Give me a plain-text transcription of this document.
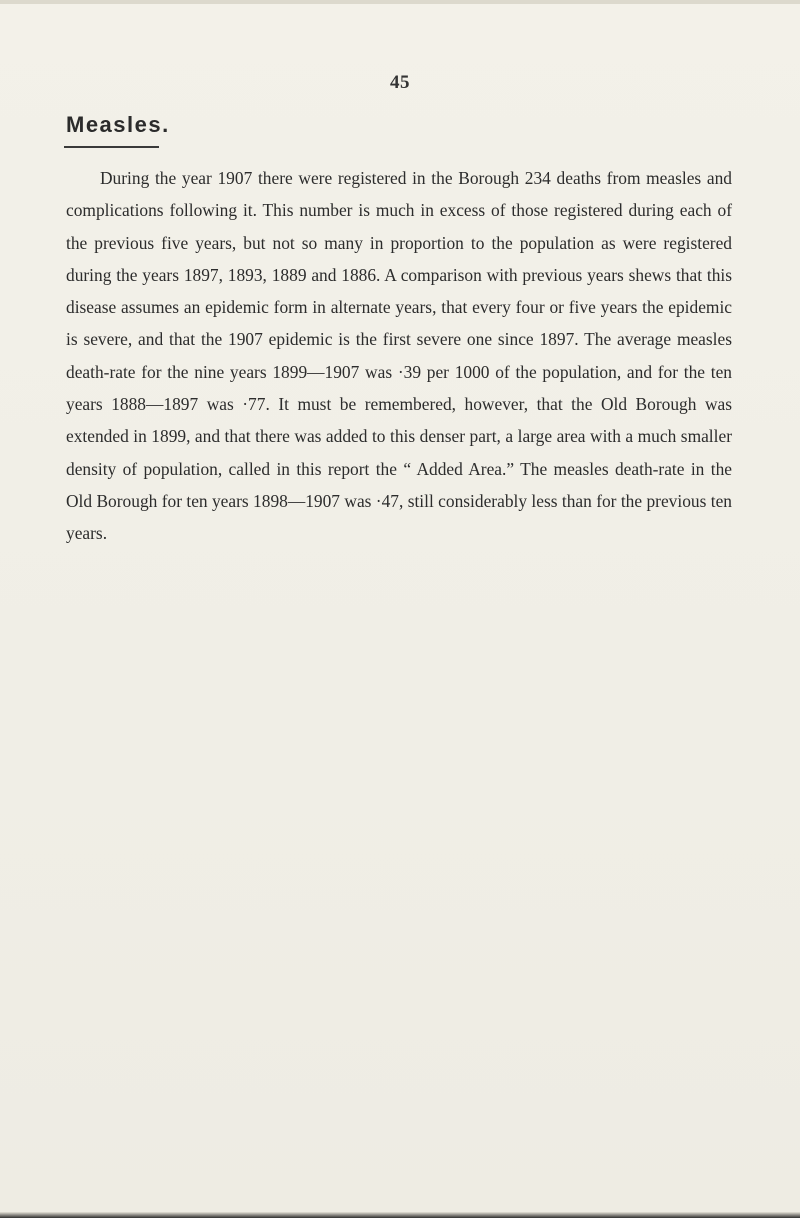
45
Measles.

During the year 1907 there were registered in the Borough 234 deaths from measles and complications following it. This number is much in excess of those registered during each of the previous five years, but not so many in proportion to the population as were registered during the years 1897, 1893, 1889 and 1886. A comparison with previous years shews that this disease assumes an epidemic form in alternate years, that every four or five years the epidemic is severe, and that the 1907 epidemic is the first severe one since 1897. The average measles death-rate for the nine years 1899—1907 was ·39 per 1000 of the population, and for the ten years 1888—1897 was ·77. It must be remembered, however, that the Old Borough was extended in 1899, and that there was added to this denser part, a large area with a much smaller density of population, called in this report the “ Added Area.” The measles death-rate in the Old Borough for ten years 1898—1907 was ·47, still considerably less than for the previous ten years.
